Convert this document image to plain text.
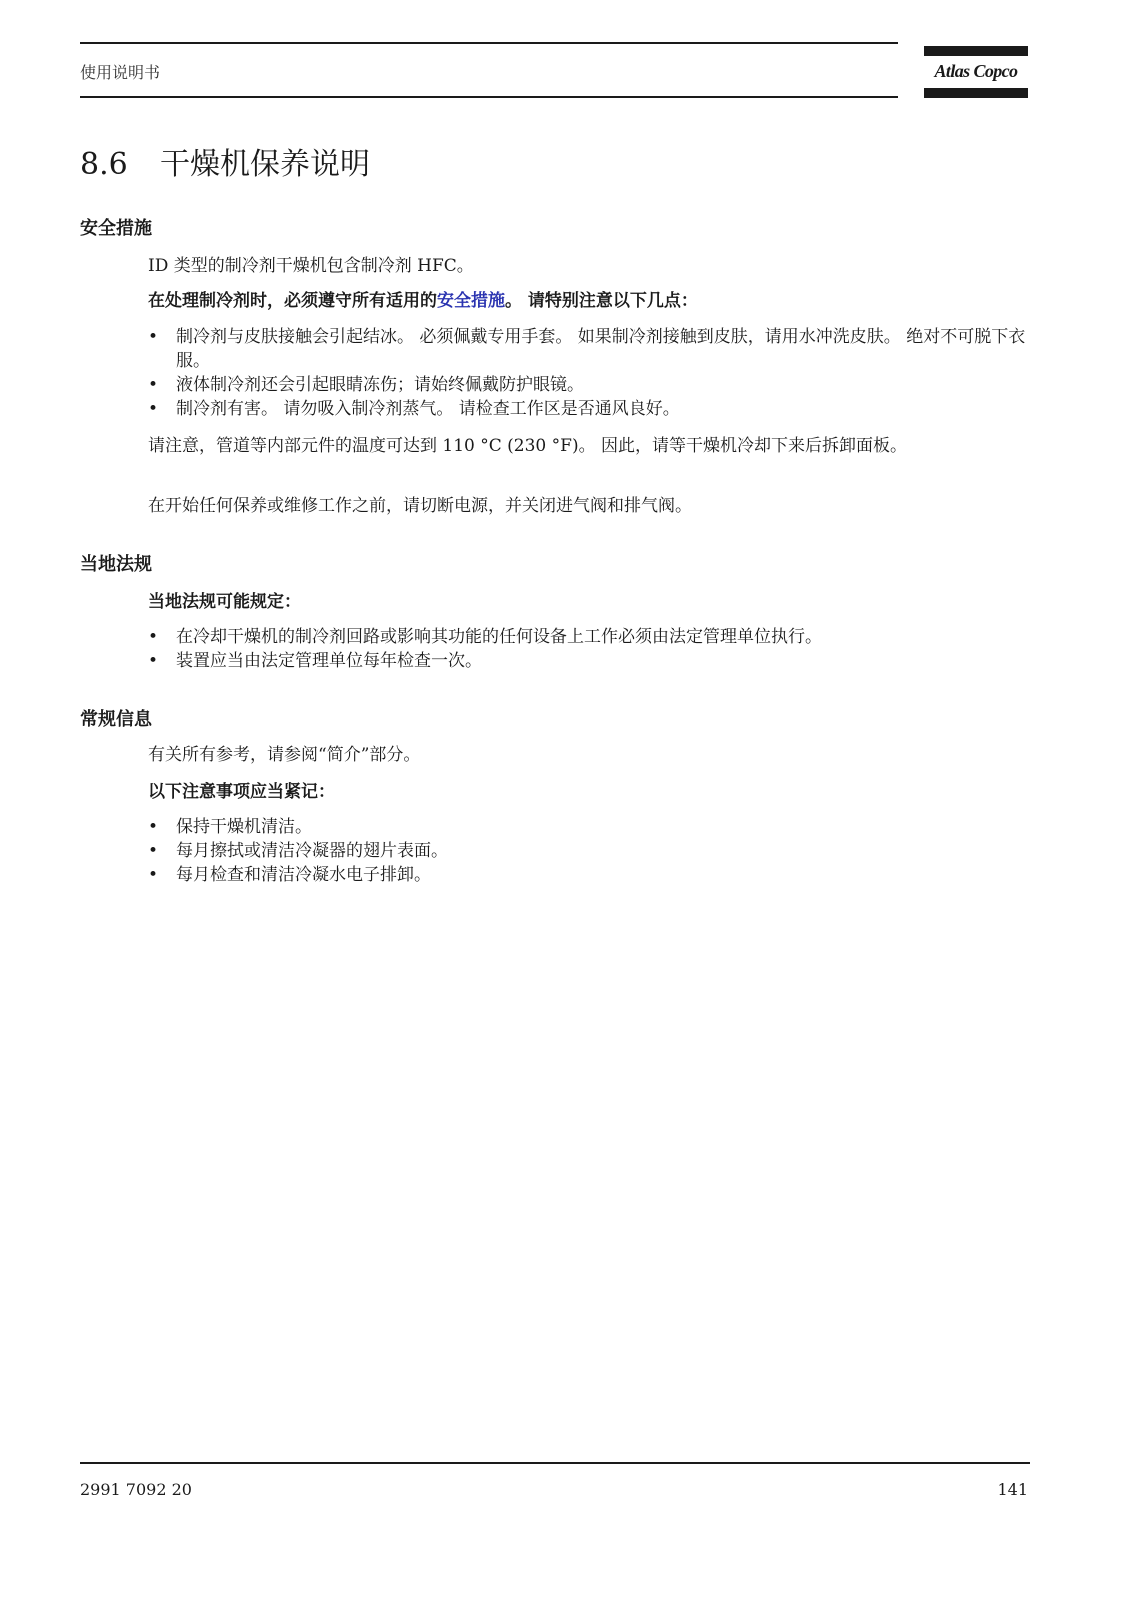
使用说明书	Atlas Copco
8.6 干燥机保养说明
安全措施

ID 类型的制冷剂干燥机包含制冷剂 HFC。

在处理制冷剂时，必须遵守所有适用的安全措施。 请特别注意以下几点：

• 制冷剂与皮肤接触会引起结冰。 必须佩戴专用手套。 如果制冷剂接触到皮肤，请用水冲洗皮肤。 绝对不可脱下衣服。
• 液体制冷剂还会引起眼睛冻伤；请始终佩戴防护眼镜。
• 制冷剂有害。 请勿吸入制冷剂蒸气。 请检查工作区是否通风良好。

请注意，管道等内部元件的温度可达到 110 °C (230 °F)。 因此，请等干燥机冷却下来后拆卸面板。

在开始任何保养或维修工作之前，请切断电源，并关闭进气阀和排气阀。

当地法规

当地法规可能规定：

• 在冷却干燥机的制冷剂回路或影响其功能的任何设备上工作必须由法定管理单位执行。
• 装置应当由法定管理单位每年检查一次。
常规信息

有关所有参考，请参阅“简介”部分。

以下注意事项应当紧记：

• 保持干燥机清洁。
• 每月擦拭或清洁冷凝器的翅片表面。
• 每月检查和清洁冷凝水电子排卸。
2991 7092 20	141
